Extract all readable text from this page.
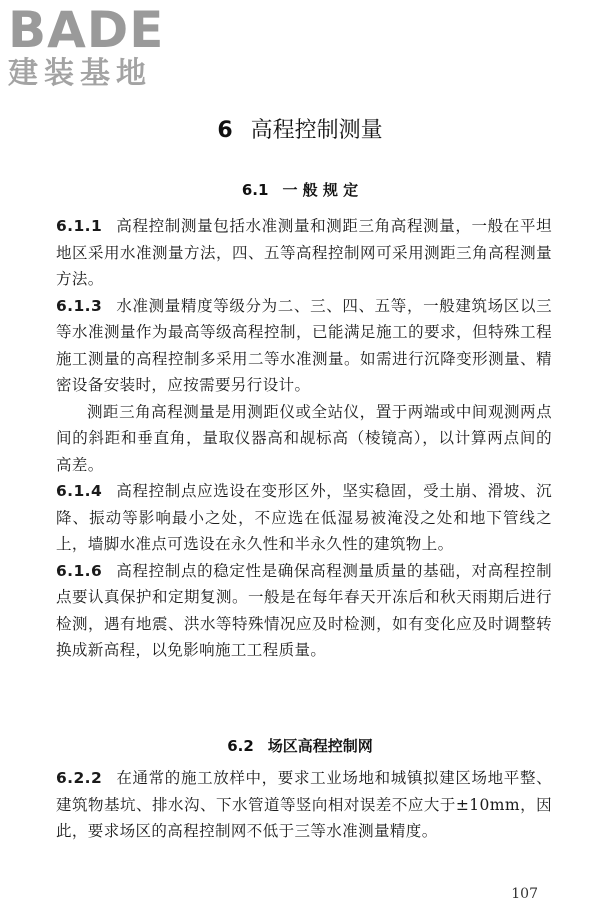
BADE
建装基地
6 高程控制测量
6.1 一 般 规 定

6.1.1 高程控制测量包括水准测量和测距三角高程测量，一般在平坦地区采用水准测量方法，四、五等高程控制网可采用测距三角高程测量方法。

6.1.3 水准测量精度等级分为二、三、四、五等，一般建筑场区以三等水准测量作为最高等级高程控制，已能满足施工的要求，但特殊工程施工测量的高程控制多采用二等水准测量。如需进行沉降变形测量、精密设备安装时，应按需要另行设计。

测距三角高程测量是用测距仪或全站仪，置于两端或中间观测两点间的斜距和垂直角，量取仪器高和觇标高（棱镜高），以计算两点间的高差。

6.1.4 高程控制点应选设在变形区外，坚实稳固，受土崩、滑坡、沉降、振动等影响最小之处，不应选在低湿易被淹没之处和地下管线之上，墙脚水准点可选设在永久性和半永久性的建筑物上。

6.1.6 高程控制点的稳定性是确保高程测量质量的基础，对高程控制点要认真保护和定期复测。一般是在每年春天开冻后和秋天雨期后进行检测，遇有地震、洪水等特殊情况应及时检测，如有变化应及时调整转换成新高程，以免影响施工工程质量。

6.2 场区高程控制网

6.2.2 在通常的施工放样中，要求工业场地和城镇拟建区场地平整、建筑物基坑、排水沟、下水管道等竖向相对误差不应大于±10mm，因此，要求场区的高程控制网不低于三等水准测量精度。

107
